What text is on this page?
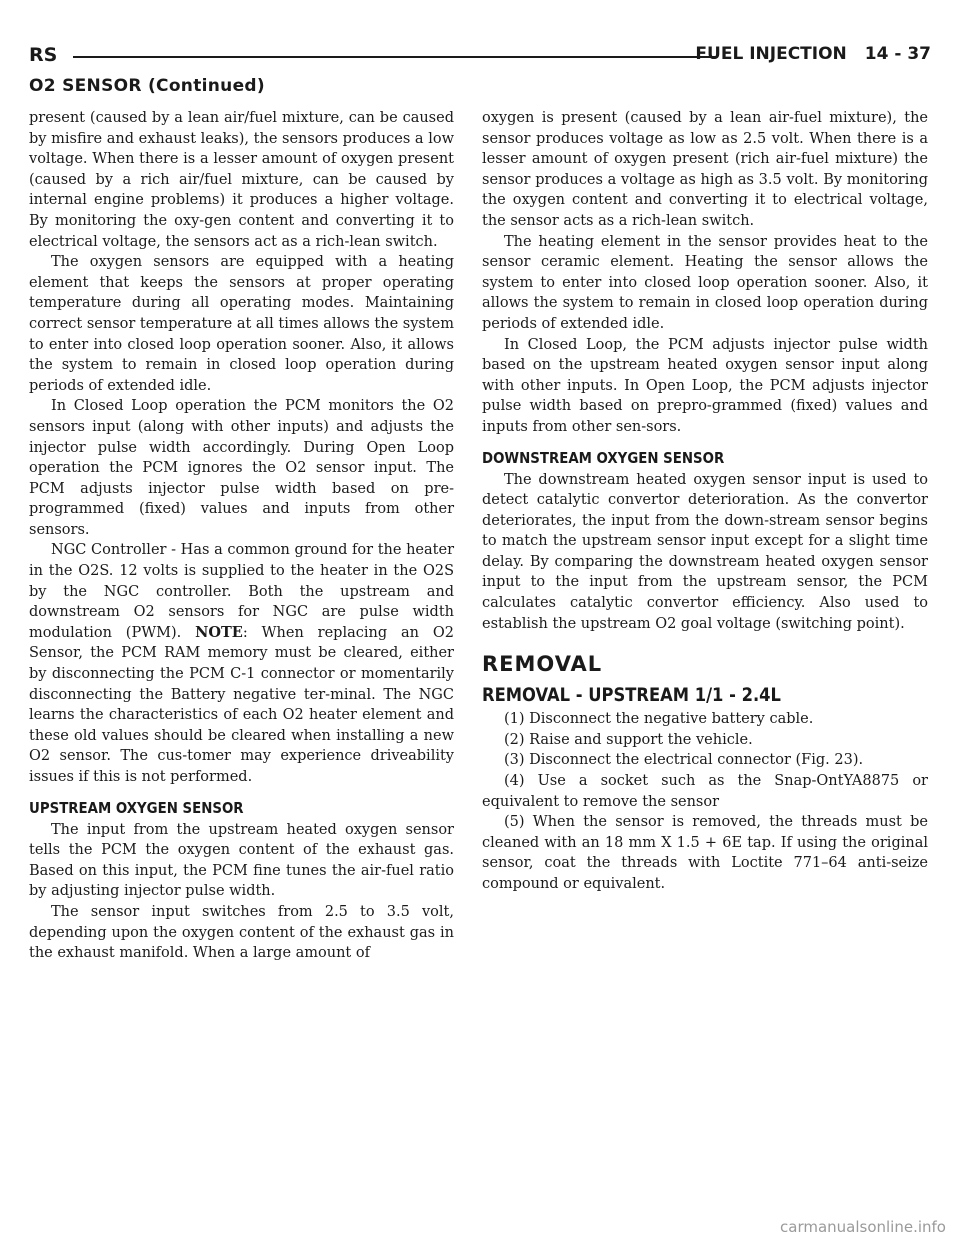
RS	FUEL INJECTION 14 - 37
O2 SENSOR (Continued)

present (caused by a lean air/fuel mixture, can be caused by misfire and exhaust leaks), the sensors produces a low voltage. When there is a lesser amount of oxygen present (caused by a rich air/fuel mixture, can be caused by internal engine problems) it produces a higher voltage. By monitoring the oxy-gen content and converting it to electrical voltage, the sensors act as a rich-lean switch.

The oxygen sensors are equipped with a heating element that keeps the sensors at proper operating temperature during all operating modes. Maintaining correct sensor temperature at all times allows the system to enter into closed loop operation sooner. Also, it allows the system to remain in closed loop operation during periods of extended idle.

In Closed Loop operation the PCM monitors the O2 sensors input (along with other inputs) and adjusts the injector pulse width accordingly. During Open Loop operation the PCM ignores the O2 sensor input. The PCM adjusts injector pulse width based on pre-programmed (fixed) values and inputs from other sensors.

NGC Controller - Has a common ground for the heater in the O2S. 12 volts is supplied to the heater in the O2S by the NGC controller. Both the upstream and downstream O2 sensors for NGC are pulse width modulation (PWM). NOTE: When replacing an O2 Sensor, the PCM RAM memory must be cleared, either by disconnecting the PCM C-1 connector or momentarily disconnecting the Battery negative ter-minal. The NGC learns the characteristics of each O2 heater element and these old values should be cleared when installing a new O2 sensor. The cus-tomer may experience driveability issues if this is not performed.

UPSTREAM OXYGEN SENSOR

The input from the upstream heated oxygen sensor tells the PCM the oxygen content of the exhaust gas. Based on this input, the PCM fine tunes the air-fuel ratio by adjusting injector pulse width.

The sensor input switches from 2.5 to 3.5 volt, depending upon the oxygen content of the exhaust gas in the exhaust manifold. When a large amount of

oxygen is present (caused by a lean air-fuel mixture), the sensor produces voltage as low as 2.5 volt. When there is a lesser amount of oxygen present (rich air-fuel mixture) the sensor produces a voltage as high as 3.5 volt. By monitoring the oxygen content and converting it to electrical voltage, the sensor acts as a rich-lean switch.

The heating element in the sensor provides heat to the sensor ceramic element. Heating the sensor allows the system to enter into closed loop operation sooner. Also, it allows the system to remain in closed loop operation during periods of extended idle.

In Closed Loop, the PCM adjusts injector pulse width based on the upstream heated oxygen sensor input along with other inputs. In Open Loop, the PCM adjusts injector pulse width based on prepro-grammed (fixed) values and inputs from other sen-sors.

DOWNSTREAM OXYGEN SENSOR

The downstream heated oxygen sensor input is used to detect catalytic convertor deterioration. As the convertor deteriorates, the input from the down-stream sensor begins to match the upstream sensor input except for a slight time delay. By comparing the downstream heated oxygen sensor input to the input from the upstream sensor, the PCM calculates catalytic convertor efficiency. Also used to establish the upstream O2 goal voltage (switching point).

REMOVAL
REMOVAL - UPSTREAM 1/1 - 2.4L

(1) Disconnect the negative battery cable.

(2) Raise and support the vehicle.

(3) Disconnect the electrical connector (Fig. 23).

(4) Use a socket such as the Snap-OntYA8875 or equivalent to remove the sensor

(5) When the sensor is removed, the threads must be cleaned with an 18 mm X 1.5 + 6E tap. If using the original sensor, coat the threads with Loctite 771–64 anti-seize compound or equivalent.

carmanualsonline.info
